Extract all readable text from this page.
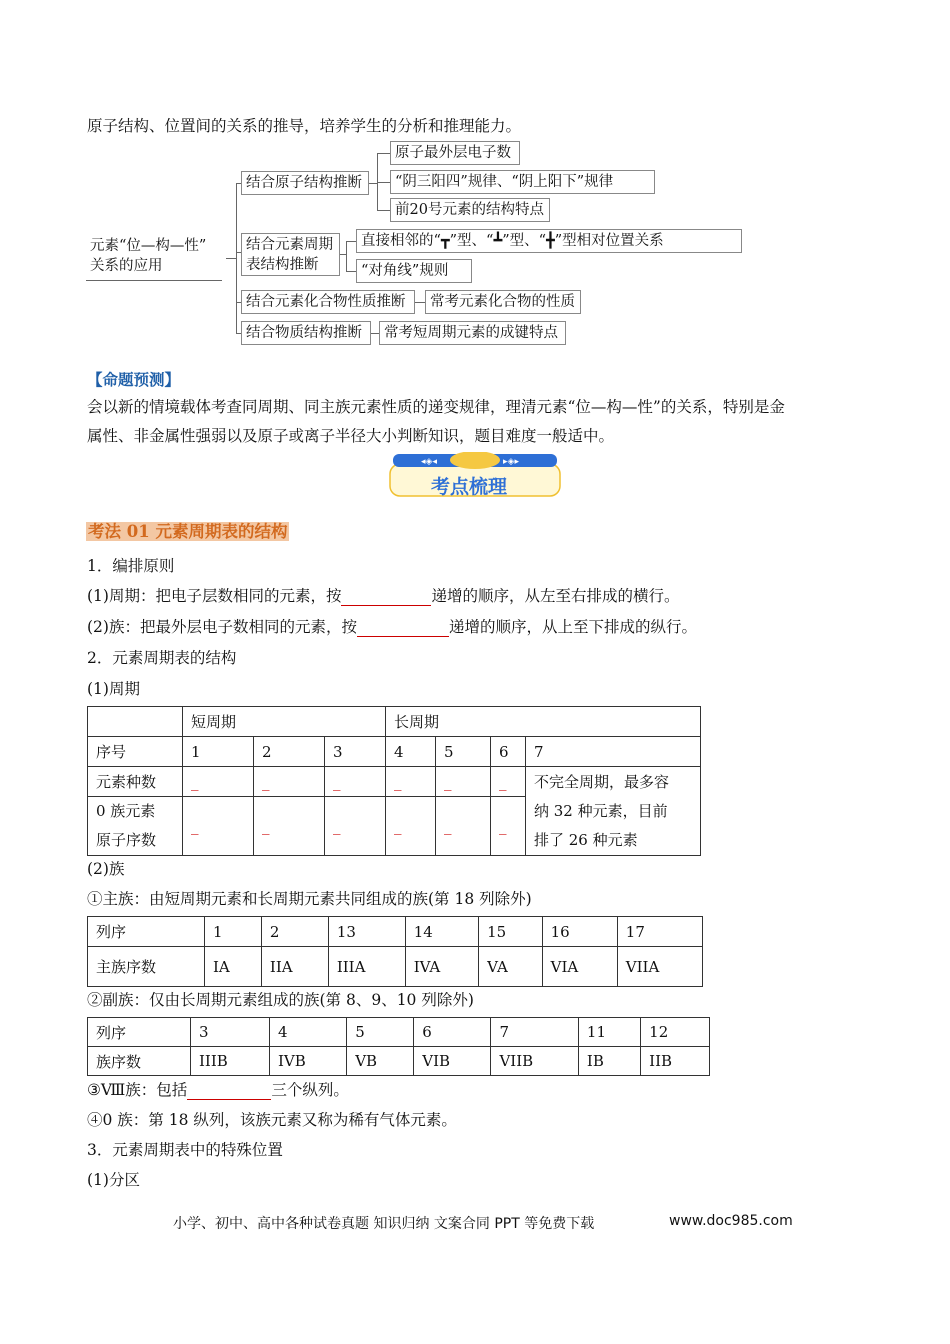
原子结构、位置间的关系的推导，培养学生的分析和推理能力。
元素“位—构—性”
关系的应用
结合原子结构推断
原子最外层电子数
“阴三阳四”规律、“阴上阳下”规律
前20号元素的结构特点
结合元素周期
表结构推断
直接相邻的“┳”型、“┻”型、“╋”型相对位置关系
“对角线”规则
结合元素化合物性质推断	常考元素化合物的性质
结合物质结构推断	常考短周期元素的成键特点
【命题预测】
会以新的情境载体考查同周期、同主族元素性质的递变规律，理清元素“位—构—性”的关系，特别是金
属性、非金属性强弱以及原子或离子半径大小判断知识，题目难度一般适中。
◂◈◂	▸◈▸
考点梳理
考法 01 元素周期表的结构
1．编排原则
(1)周期：把电子层数相同的元素，按	递增的顺序，从左至右排成的横行。
(2)族：把最外层电子数相同的元素，按	递增的顺序，从上至下排成的纵行。
2．元素周期表的结构
(1)周期
	短周期			长周期			
序号	1	2	3	4	5	6	7
元素种数	_	_	_	_	_	_	不完全周期，最多容
纳 32 种元素，目前
排了 26 种元素

0 族元素
原子序数	_	_	_	_	_	_	
(2)族
①主族：由短周期元素和长周期元素共同组成的族(第 18 列除外)
列序	1	2	13	14	15	16	17
主族序数	IA	IIA	IIIA	IVA	VA	VIA	VIIA
②副族：仅由长周期元素组成的族(第 8、9、10 列除外)
列序	3	4	5	6	7	11	12
族序数	IIIB	IVB	VB	VIB	VIIB	IB	IIB
③Ⅷ族：包括	三个纵列。
④0 族：第 18 纵列，该族元素又称为稀有气体元素。
3．元素周期表中的特殊位置
(1)分区
小学、初中、高中各种试卷真题 知识归纳 文案合同 PPT 等免费下载	www.doc985.com
